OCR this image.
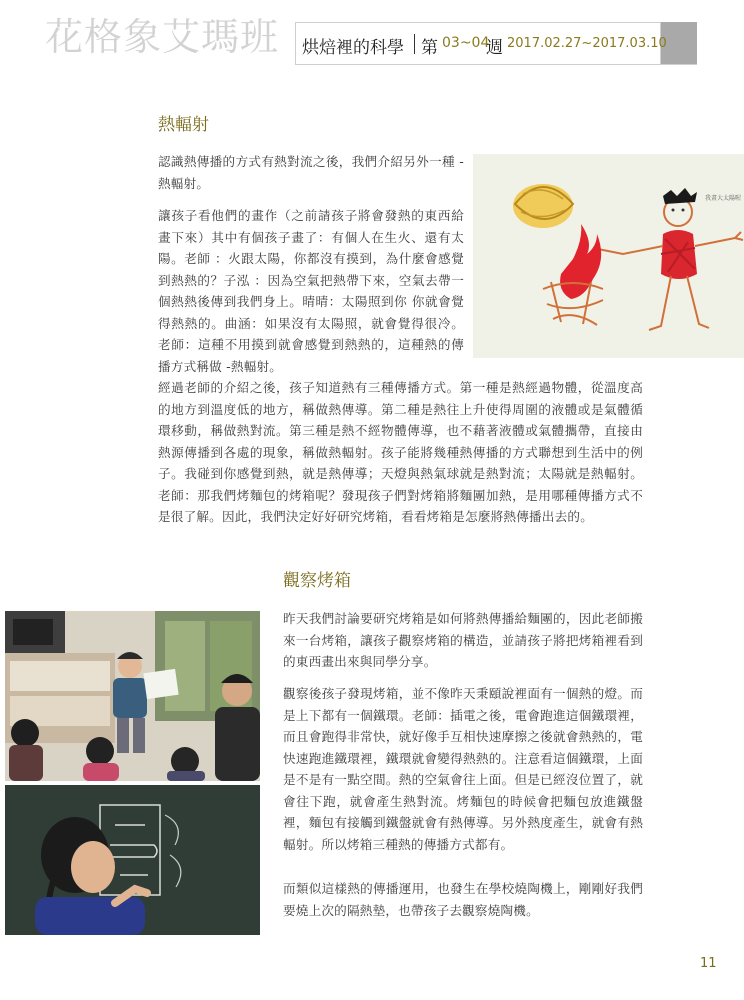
花格象艾瑪班 烘焙裡的科學 第 03~04
週 2017.02.27~2017.03.10
熱輻射
認識熱傳播的方式有熱對流之後，我們介紹另外一種 -熱輻射。
讓孩子看他們的畫作（之前請孩子將會發熱的東西給畫下來）其中有個孩子畫了：有個人在生火、還有太陽。老師 ：火跟太陽，你都沒有摸到，為什麼會感覺到熱熱的？子泓 ：因為空氣把熱帶下來，空氣去帶一個熱熱後傳到我們身上。晴晴：太陽照到你 你就會覺得熱熱的。曲涵：如果沒有太陽照，就會覺得很冷。老師：這種不用摸到就會感覺到熱熱的，這種熱的傳播方式稱做 -熱輻射。
我畫大太陽喔
經過老師的介紹之後，孩子知道熱有三種傳播方式。第一種是熱經過物體，從溫度高的地方到溫度低的地方，稱做熱傳導。第二種是熱往上升使得周圍的液體或是氣體循環移動，稱做熱對流。第三種是熱不經物體傳導，也不藉著液體或氣體攜帶，直接由熱源傳播到各處的現象，稱做熱輻射。孩子能將幾種熱傳播的方式聯想到生活中的例子。我碰到你感覺到熱，就是熱傳導；天燈與熱氣球就是熱對流；太陽就是熱輻射。老師：那我們烤麵包的烤箱呢？發現孩子們對烤箱將麵團加熱，是用哪種傳播方式不是很了解。因此，我們決定好好研究烤箱，看看烤箱是怎麼將熱傳播出去的。
觀察烤箱
昨天我們討論要研究烤箱是如何將熱傳播給麵團的，因此老師搬來一台烤箱，讓孩子觀察烤箱的構造，並請孩子將把烤箱裡看到的東西畫出來與同學分享。
觀察後孩子發現烤箱，並不像昨天秉頤說裡面有一個熱的燈。而是上下都有一個鐵環。老師：插電之後，電會跑進這個鐵環裡，而且會跑得非常快，就好像手互相快速摩擦之後就會熱熱的，電快速跑進鐵環裡，鐵環就會變得熱熱的。注意看這個鐵環，上面是不是有一點空間。熱的空氣會往上面。但是已經沒位置了，就會往下跑，就會產生熱對流。烤麵包的時候會把麵包放進鐵盤裡，麵包有接觸到鐵盤就會有熱傳導。另外熱度產生，就會有熱輻射。所以烤箱三種熱的傳播方式都有。
而類似這樣熱的傳播運用，也發生在學校燒陶機上，剛剛好我們要燒上次的隔熱墊，也帶孩子去觀察燒陶機。
11
